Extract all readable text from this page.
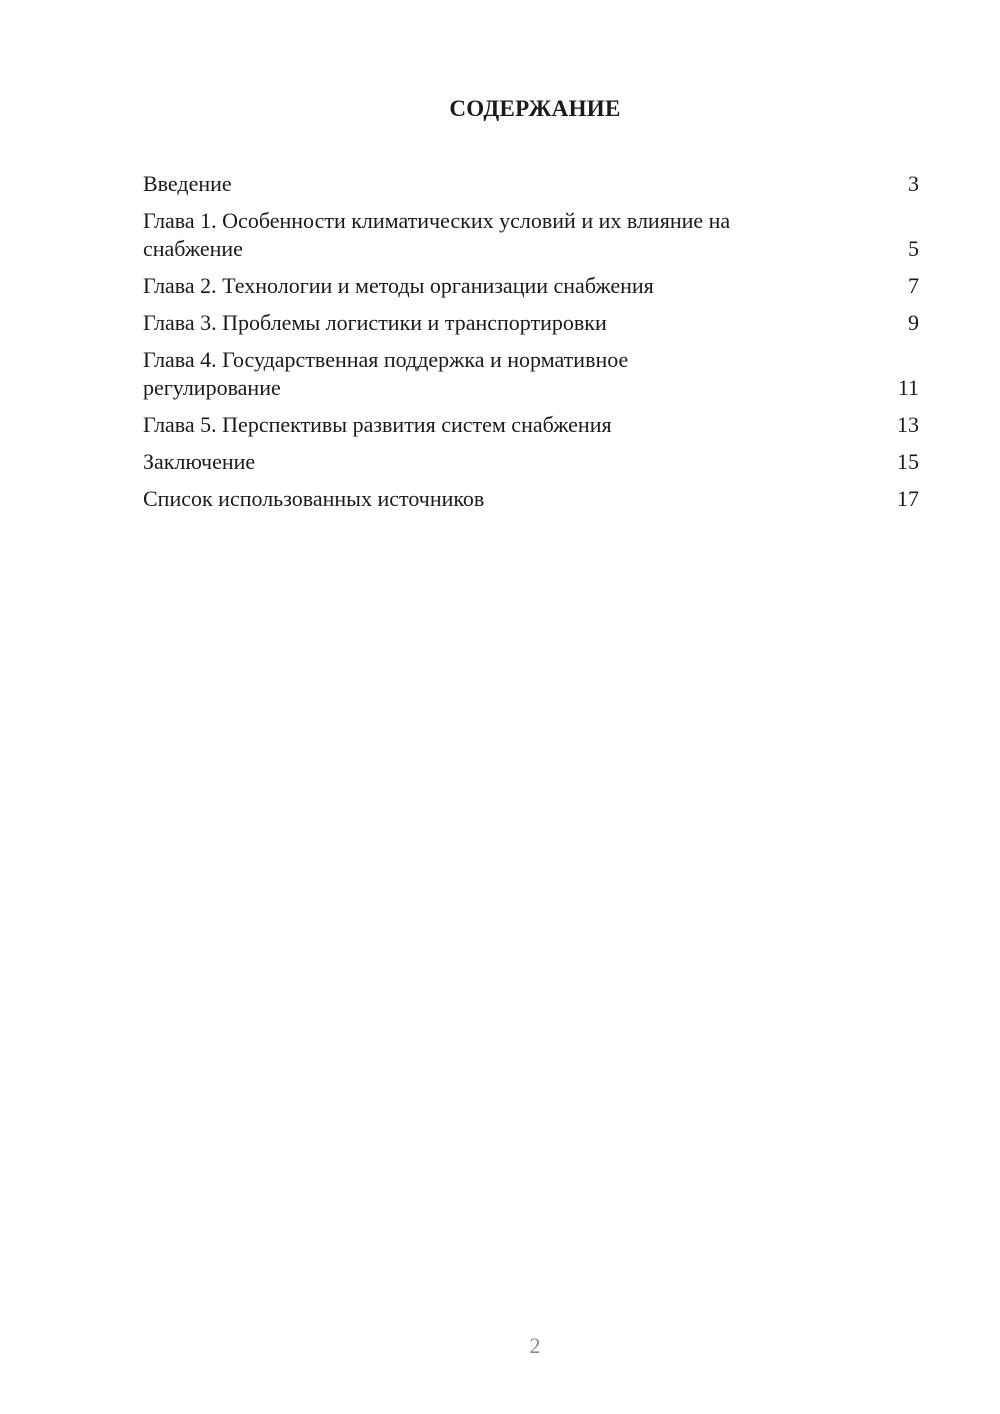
СОДЕРЖАНИЕ
Введение	3
Глава 1. Особенности климатических условий и их влияние на снабжение	5
Глава 2. Технологии и методы организации снабжения	7
Глава 3. Проблемы логистики и транспортировки	9
Глава 4. Государственная поддержка и нормативное регулирование	11
Глава 5. Перспективы развития систем снабжения	13
Заключение	15
Список использованных источников	17
2
